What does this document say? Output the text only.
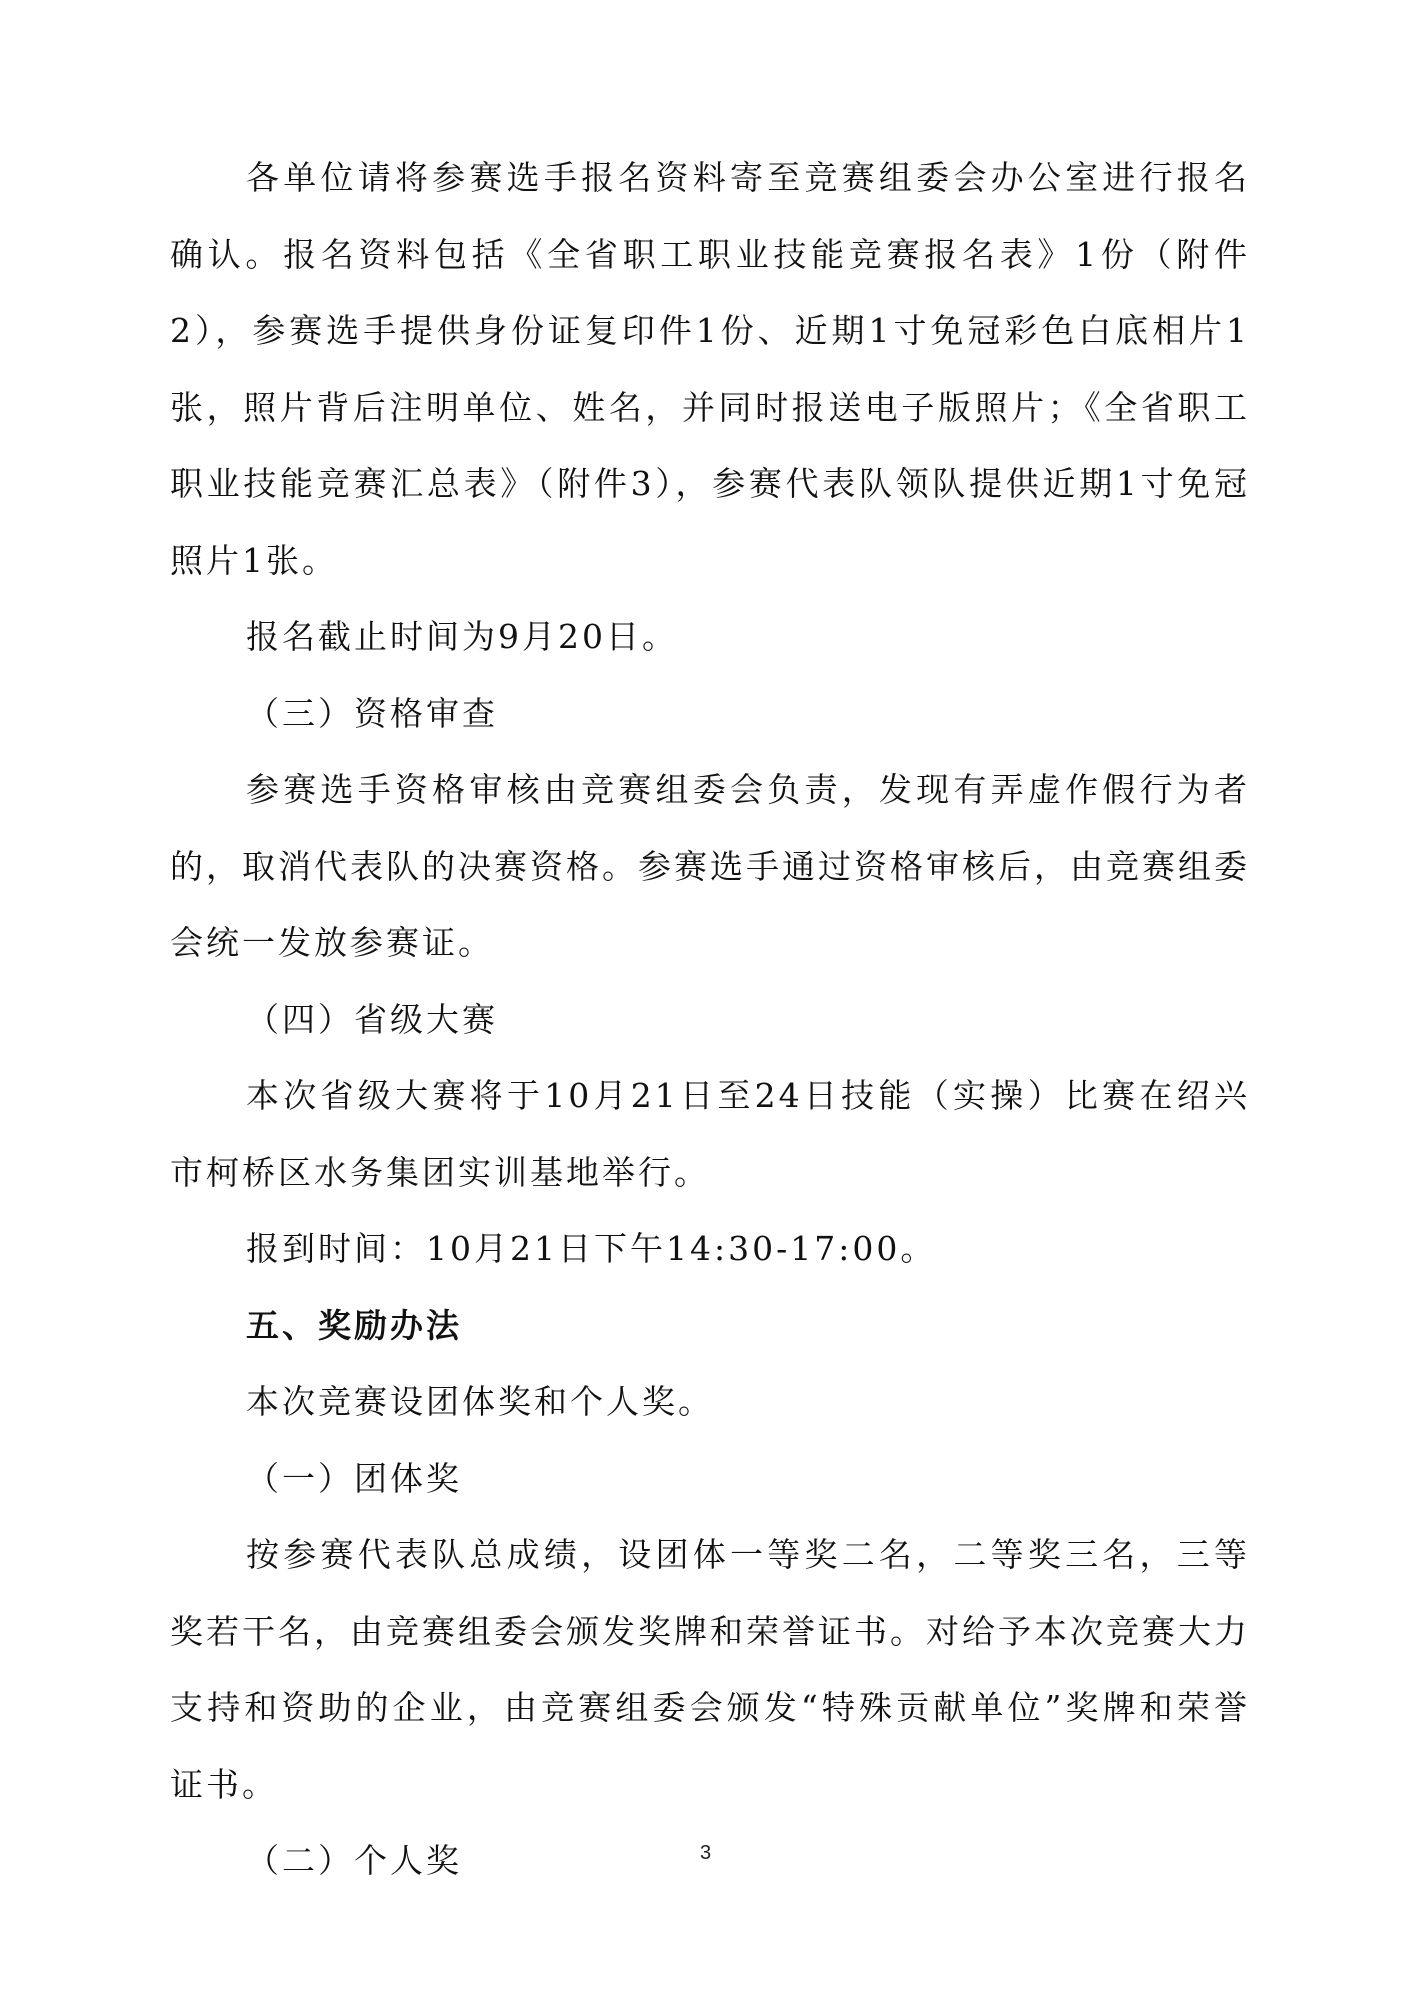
各单位请将参赛选手报名资料寄至竞赛组委会办公室进行报名确认。报名资料包括《全省职工职业技能竞赛报名表》1份（附件2），参赛选手提供身份证复印件1份、近期1寸免冠彩色白底相片1张，照片背后注明单位、姓名，并同时报送电子版照片；《全省职工职业技能竞赛汇总表》（附件3），参赛代表队领队提供近期1寸免冠照片1张。

报名截止时间为9月20日。

（三）资格审查

参赛选手资格审核由竞赛组委会负责，发现有弄虚作假行为者的，取消代表队的决赛资格。参赛选手通过资格审核后，由竞赛组委会统一发放参赛证。

（四）省级大赛

本次省级大赛将于10月21日至24日技能（实操）比赛在绍兴市柯桥区水务集团实训基地举行。

报到时间：10月21日下午14:30-17:00。

五、奖励办法

本次竞赛设团体奖和个人奖。

（一）团体奖

按参赛代表队总成绩，设团体一等奖二名，二等奖三名，三等奖若干名，由竞赛组委会颁发奖牌和荣誉证书。对给予本次竞赛大力支持和资助的企业，由竞赛组委会颁发“特殊贡献单位”奖牌和荣誉证书。

（二）个人奖	3
